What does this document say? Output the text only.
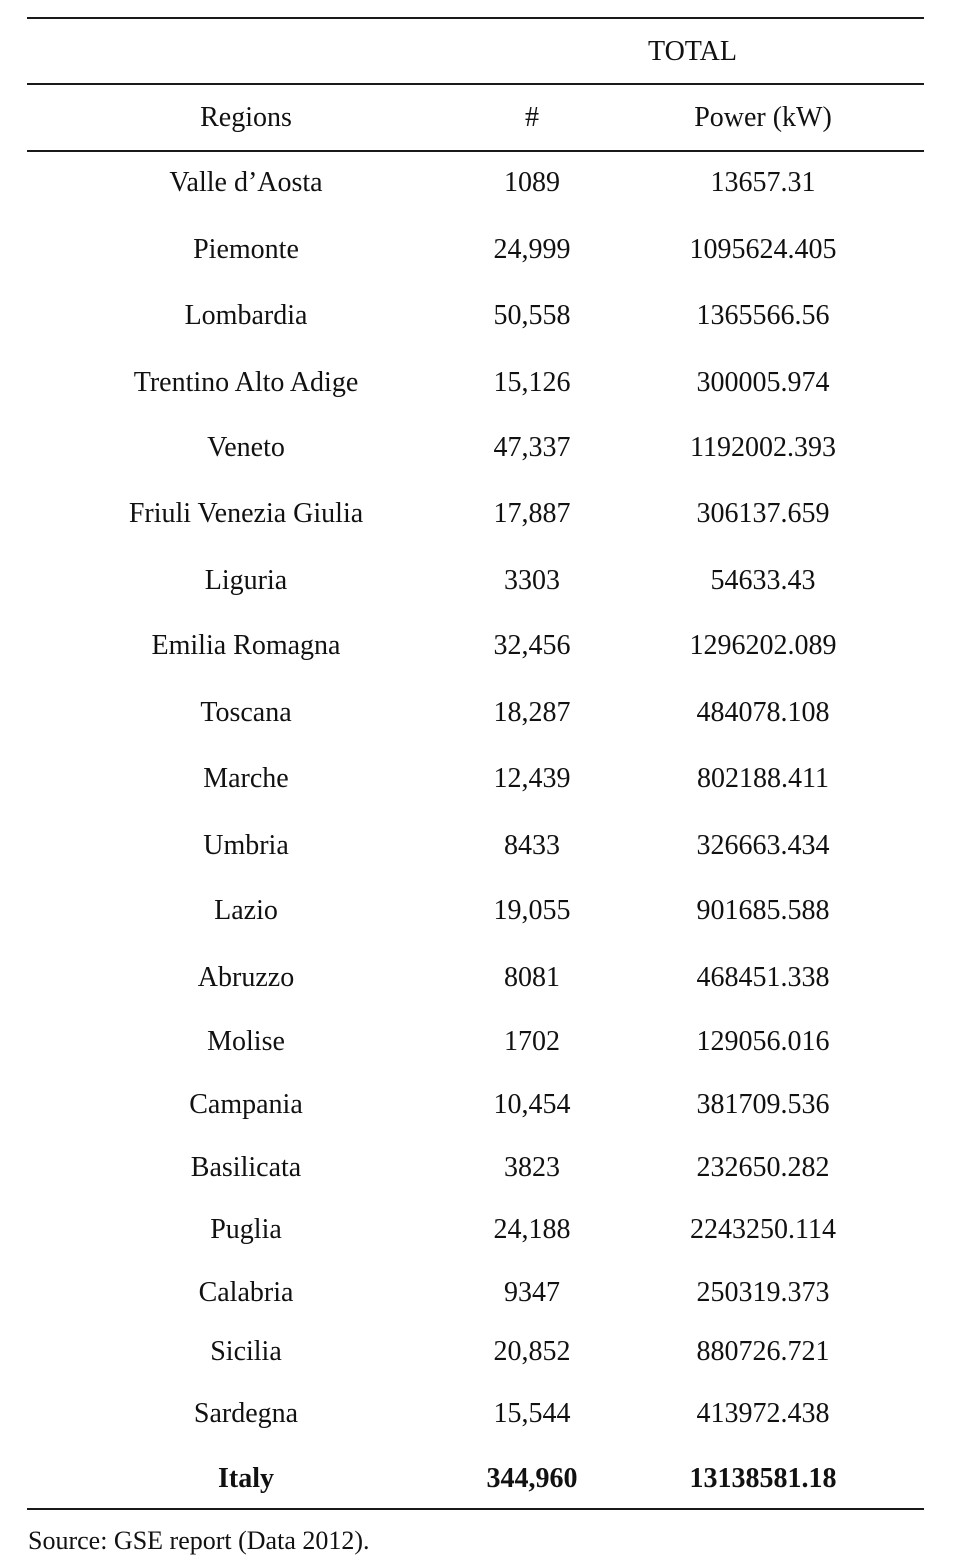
TOTAL
Regions	#	Power (kW)
Valle d’Aosta	1089	13657.31
Piemonte	24,999	1095624.405
Lombardia	50,558	1365566.56
Trentino Alto Adige	15,126	300005.974
Veneto	47,337	1192002.393
Friuli Venezia Giulia	17,887	306137.659
Liguria	3303	54633.43
Emilia Romagna	32,456	1296202.089
Toscana	18,287	484078.108
Marche	12,439	802188.411
Umbria	8433	326663.434
Lazio	19,055	901685.588
Abruzzo	8081	468451.338
Molise	1702	129056.016
Campania	10,454	381709.536
Basilicata	3823	232650.282
Puglia	24,188	2243250.114
Calabria	9347	250319.373
Sicilia	20,852	880726.721
Sardegna	15,544	413972.438
Italy	344,960	13138581.18
Source: GSE report (Data 2012).
